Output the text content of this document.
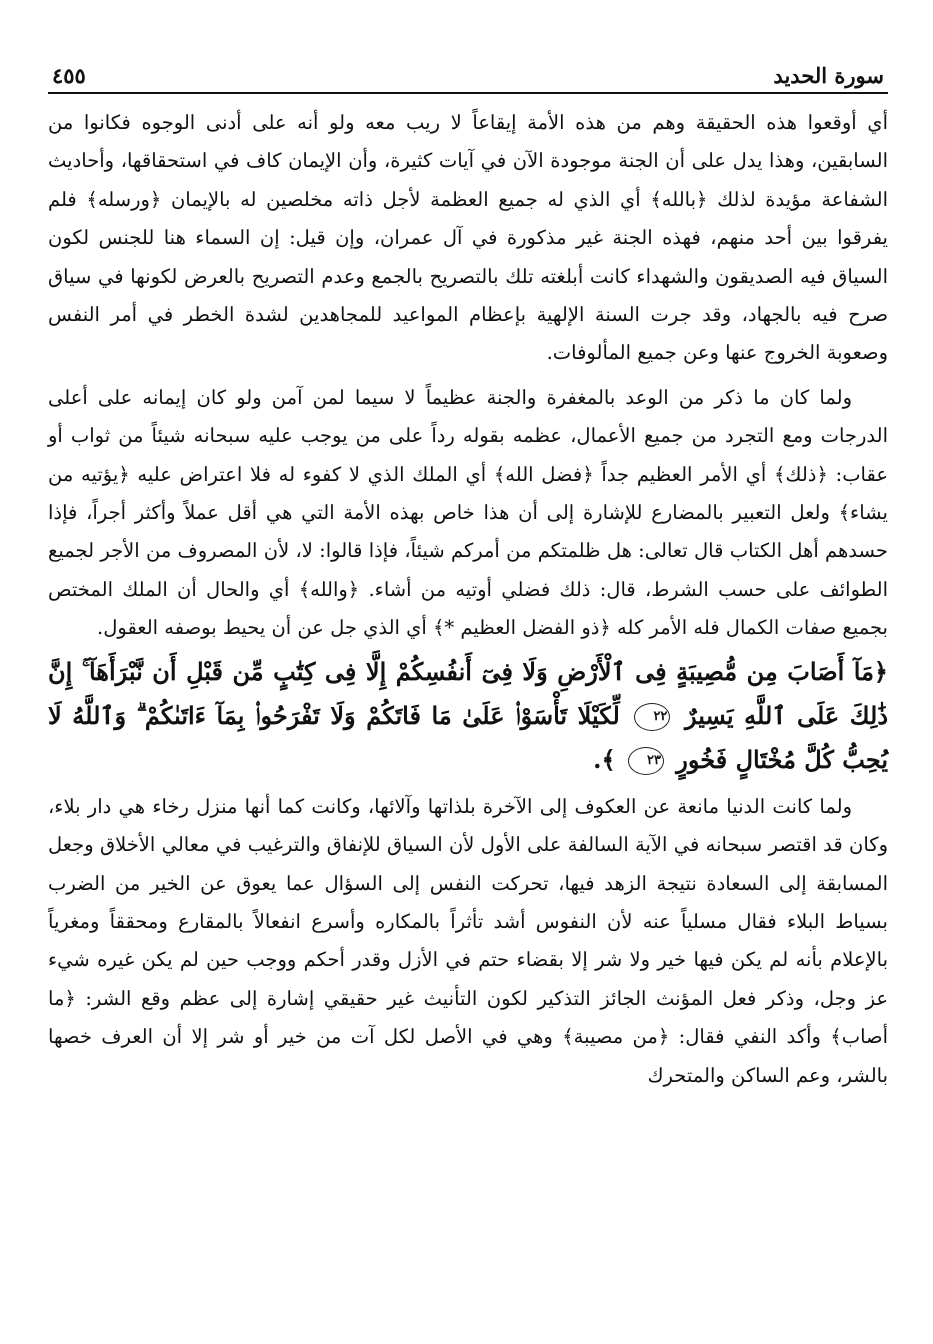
سورة الحديد
٤٥٥

أي أوقعوا هذه الحقيقة وهم من هذه الأمة إيقاعاً لا ريب معه ولو أنه على أدنى الوجوه فكانوا من السابقين، وهذا يدل على أن الجنة موجودة الآن في آيات كثيرة، وأن الإيمان كاف في استحقاقها، وأحاديث الشفاعة مؤيدة لذلك ﴿بالله﴾ أي الذي له جميع العظمة لأجل ذاته مخلصين له بالإيمان ﴿ورسله﴾ فلم يفرقوا بين أحد منهم، فهذه الجنة غير مذكورة في آل عمران، وإن قيل: إن السماء هنا للجنس لكون السياق فيه الصديقون والشهداء كانت أبلغته تلك بالتصريح بالجمع وعدم التصريح بالعرض لكونها في سياق صرح فيه بالجهاد، وقد جرت السنة الإلهية بإعظام المواعيد للمجاهدين لشدة الخطر في أمر النفس وصعوبة الخروج عنها وعن جميع المألوفات.

ولما كان ما ذكر من الوعد بالمغفرة والجنة عظيماً لا سيما لمن آمن ولو كان إيمانه على أعلى الدرجات ومع التجرد من جميع الأعمال، عظمه بقوله رداً على من يوجب عليه سبحانه شيئاً من ثواب أو عقاب: ﴿ذلك﴾ أي الأمر العظيم جداً ﴿فضل الله﴾ أي الملك الذي لا كفوء له فلا اعتراض عليه ﴿يؤتيه من يشاء﴾ ولعل التعبير بالمضارع للإشارة إلى أن هذا خاص بهذه الأمة التي هي أقل عملاً وأكثر أجراً، فإذا حسدهم أهل الكتاب قال تعالى: هل ظلمتكم من أمركم شيئاً، فإذا قالوا: لا، لأن المصروف من الأجر لجميع الطوائف على حسب الشرط، قال: ذلك فضلي أوتيه من أشاء. ﴿والله﴾ أي والحال أن الملك المختص بجميع صفات الكمال فله الأمر كله ﴿ذو الفضل العظيم *﴾ أي الذي جل عن أن يحيط بوصفه العقول.

﴿مَآ أَصَابَ مِن مُّصِيبَةٍ فِى ٱلْأَرْضِ وَلَا فِىٓ أَنفُسِكُمْ إِلَّا فِى كِتَٰبٍ مِّن قَبْلِ أَن نَّبْرَأَهَآ ۚ إِنَّ ذَٰلِكَ عَلَى ٱللَّهِ يَسِيرٌ ٢٢ لِّكَيْلَا تَأْسَوْا۟ عَلَىٰ مَا فَاتَكُمْ وَلَا تَفْرَحُوا۟ بِمَآ ءَاتَىٰكُمْ ۗ وَٱللَّهُ لَا يُحِبُّ كُلَّ مُخْتَالٍ فَخُورٍ ٢٣ ﴾.

ولما كانت الدنيا مانعة عن العكوف إلى الآخرة بلذاتها وآلائها، وكانت كما أنها منزل رخاء هي دار بلاء، وكان قد اقتصر سبحانه في الآية السالفة على الأول لأن السياق للإنفاق والترغيب في معالي الأخلاق وجعل المسابقة إلى السعادة نتيجة الزهد فيها، تحركت النفس إلى السؤال عما يعوق عن الخير من الضرب بسياط البلاء فقال مسلياً عنه لأن النفوس أشد تأثراً بالمكاره وأسرع انفعالاً بالمقارع ومحققاً ومغرياً بالإعلام بأنه لم يكن فيها خير ولا شر إلا بقضاء حتم في الأزل وقدر أحكم ووجب حين لم يكن غيره شيء عز وجل، وذكر فعل المؤنث الجائز التذكير لكون التأنيث غير حقيقي إشارة إلى عظم وقع الشر: ﴿ما أصاب﴾ وأكد النفي فقال: ﴿من مصيبة﴾ وهي في الأصل لكل آت من خير أو شر إلا أن العرف خصها بالشر، وعم الساكن والمتحرك
